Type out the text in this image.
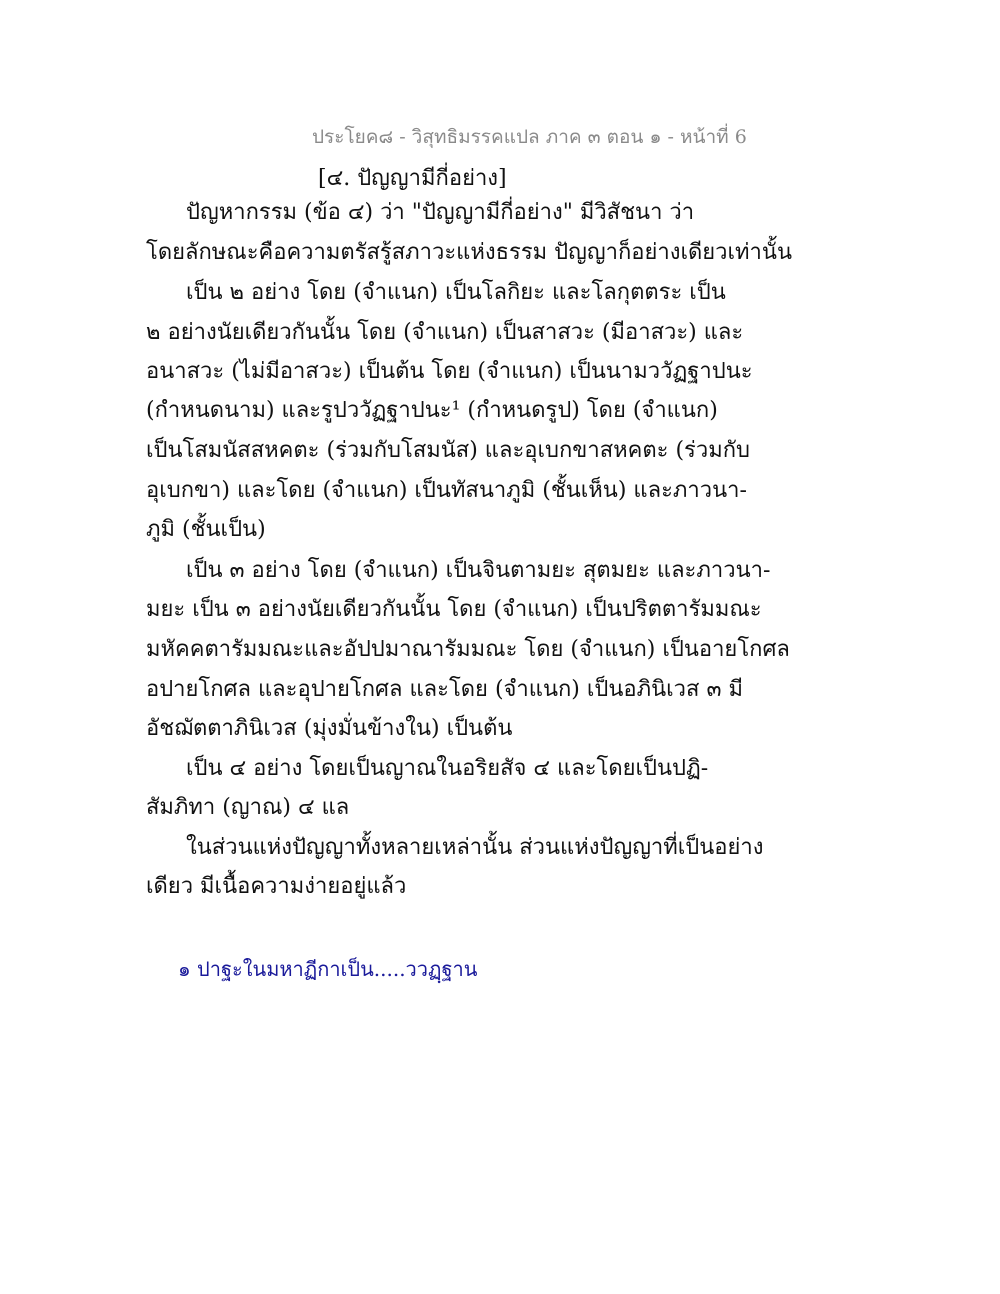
ประโยค๘ - วิสุทธิมรรคแปล ภาค ๓ ตอน ๑ - หน้าที่ 6
[๔. ปัญญามีกี่อย่าง]
ปัญหากรรม (ข้อ ๔) ว่า "ปัญญามีกี่อย่าง" มีวิสัชนา ว่า
โดยลักษณะคือความตรัสรู้สภาวะแห่งธรรม ปัญญาก็อย่างเดียวเท่านั้น
เป็น ๒ อย่าง โดย (จำแนก) เป็นโลกิยะ และโลกุตตระ เป็น
๒ อย่างนัยเดียวกันนั้น โดย (จำแนก) เป็นสาสวะ (มีอาสวะ) และ
อนาสวะ (ไม่มีอาสวะ) เป็นต้น โดย (จำแนก) เป็นนามววัฏฐาปนะ
(กำหนดนาม) และรูปววัฏฐาปนะ¹ (กำหนดรูป) โดย (จำแนก)
เป็นโสมนัสสหคตะ (ร่วมกับโสมนัส) และอุเบกขาสหคตะ (ร่วมกับ
อุเบกขา) และโดย (จำแนก) เป็นทัสนาภูมิ (ชั้นเห็น) และภาวนา-
ภูมิ (ชั้นเป็น)
เป็น ๓ อย่าง โดย (จำแนก) เป็นจินตามยะ สุตมยะ และภาวนา-
มยะ เป็น ๓ อย่างนัยเดียวกันนั้น โดย (จำแนก) เป็นปริตตารัมมณะ
มหัคคตารัมมณะและอัปปมาณารัมมณะ โดย (จำแนก) เป็นอายโกศล
อปายโกศล และอุปายโกศล และโดย (จำแนก) เป็นอภินิเวส ๓ มี
อัชฌัตตาภินิเวส (มุ่งมั่นข้างใน) เป็นต้น
เป็น ๔ อย่าง โดยเป็นญาณในอริยสัจ ๔ และโดยเป็นปฏิ-
สัมภิทา (ญาณ) ๔ แล
ในส่วนแห่งปัญญาทั้งหลายเหล่านั้น ส่วนแห่งปัญญาที่เป็นอย่าง
เดียว มีเนื้อความง่ายอยู่แล้ว
๑ ปาฐะในมหาฏีกาเป็น.....ววฏฺฐาน
